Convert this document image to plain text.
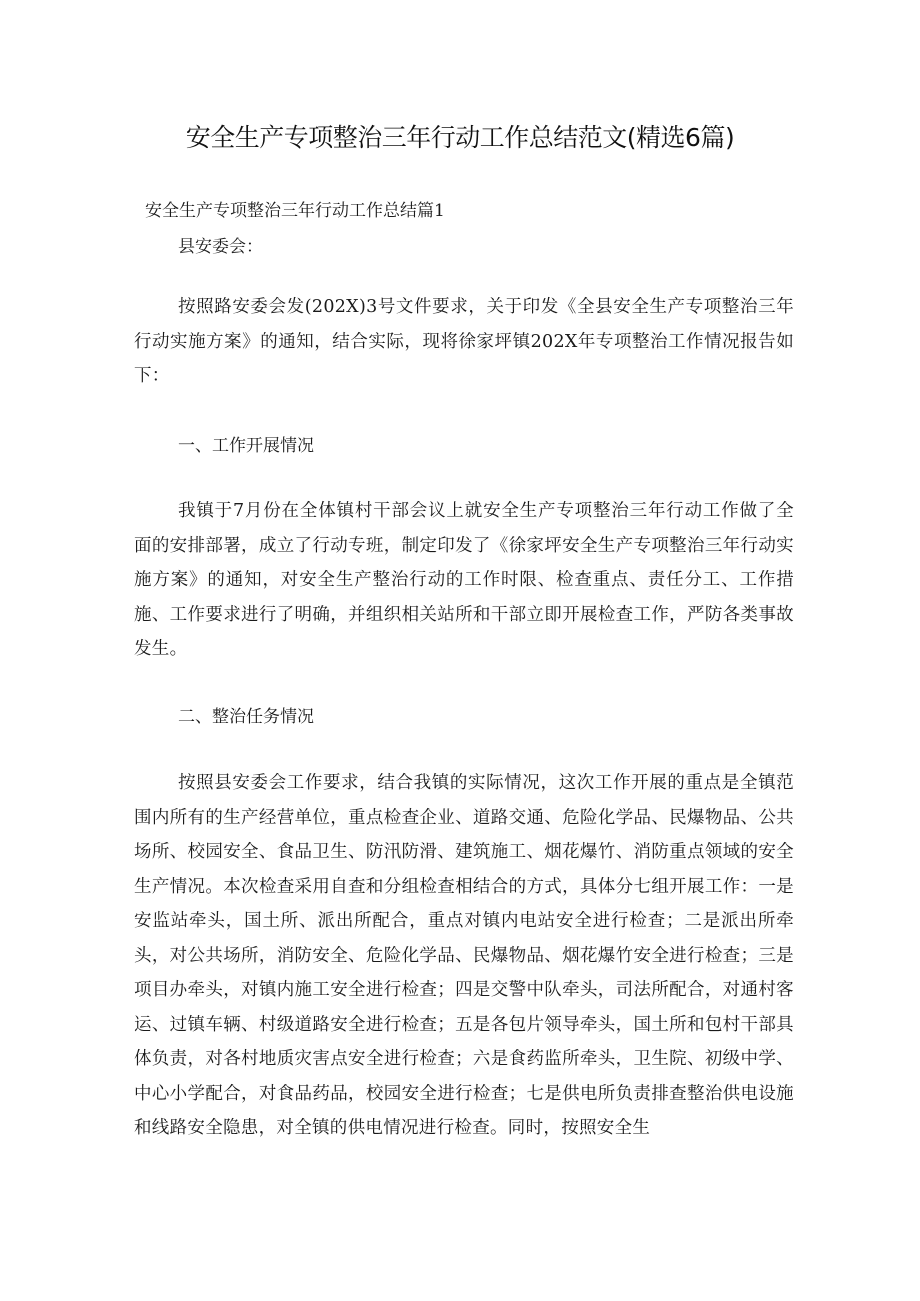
安全生产专项整治三年行动工作总结范文(精选6篇)

安全生产专项整治三年行动工作总结篇1

县安委会：

按照路安委会发(202X)3号文件要求，关于印发《全县安全生产专项整治三年行动实施方案》的通知，结合实际，现将徐家坪镇202X年专项整治工作情况报告如下：

一、工作开展情况

我镇于7月份在全体镇村干部会议上就安全生产专项整治三年行动工作做了全面的安排部署，成立了行动专班，制定印发了《徐家坪安全生产专项整治三年行动实施方案》的通知，对安全生产整治行动的工作时限、检查重点、责任分工、工作措施、工作要求进行了明确，并组织相关站所和干部立即开展检查工作，严防各类事故发生。

二、整治任务情况

按照县安委会工作要求，结合我镇的实际情况，这次工作开展的重点是全镇范围内所有的生产经营单位，重点检查企业、道路交通、危险化学品、民爆物品、公共场所、校园安全、食品卫生、防汛防滑、建筑施工、烟花爆竹、消防重点领域的安全生产情况。本次检查采用自查和分组检查相结合的方式，具体分七组开展工作：一是安监站牵头，国土所、派出所配合，重点对镇内电站安全进行检查；二是派出所牵头，对公共场所，消防安全、危险化学品、民爆物品、烟花爆竹安全进行检查；三是项目办牵头，对镇内施工安全进行检查；四是交警中队牵头，司法所配合，对通村客运、过镇车辆、村级道路安全进行检查；五是各包片领导牵头，国土所和包村干部具体负责，对各村地质灾害点安全进行检查；六是食药监所牵头，卫生院、初级中学、中心小学配合，对食品药品，校园安全进行检查；七是供电所负责排查整治供电设施和线路安全隐患，对全镇的供电情况进行检查。同时，按照安全生
